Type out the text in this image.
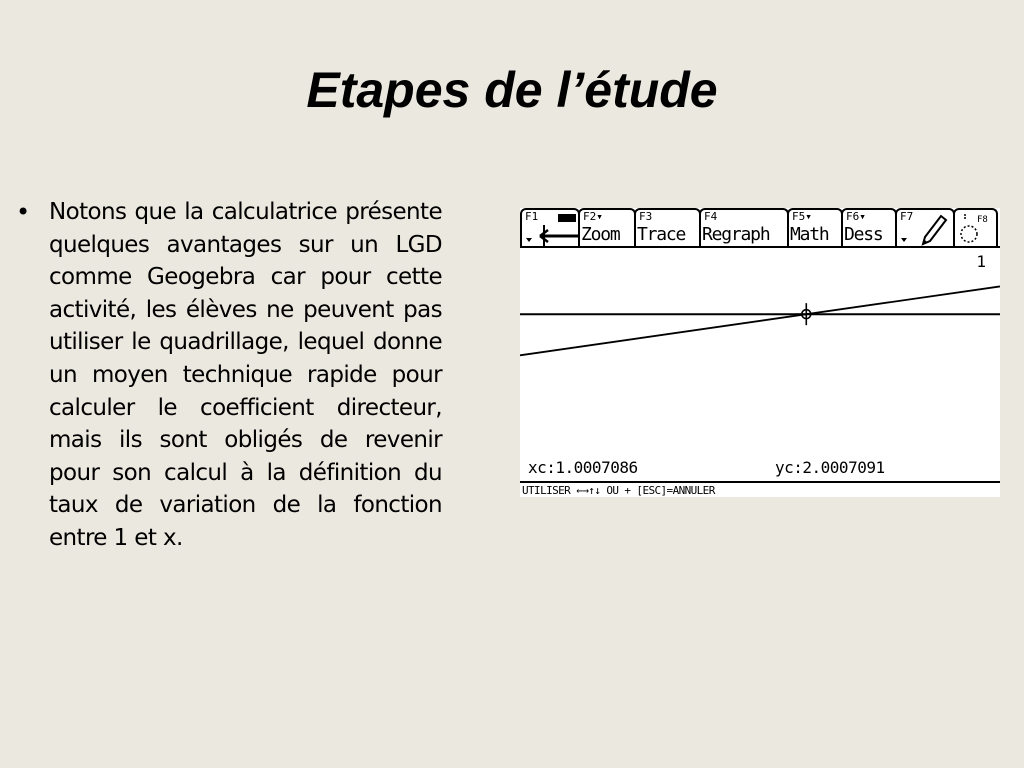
Etapes de l’étude
• Notons que la calculatrice présente quelques avantages sur un LGD comme Geogebra car pour cette activité, les élèves ne peuvent pas utiliser le quadrillage, lequel donne un moyen technique rapide pour calculer le coefficient directeur, mais ils sont obligés de revenir pour son calcul à la définition du taux de variation de la fonction entre 1 et x.
F1	F2▾
Zoom
F3
Trace
F4
Regraph
F5▾
Math
F6▾
Dess
F7	F8
1
xc:1.0007086	yc:2.0007091
UTILISER ←→↑↓ OU + [ESC]=ANNULER
